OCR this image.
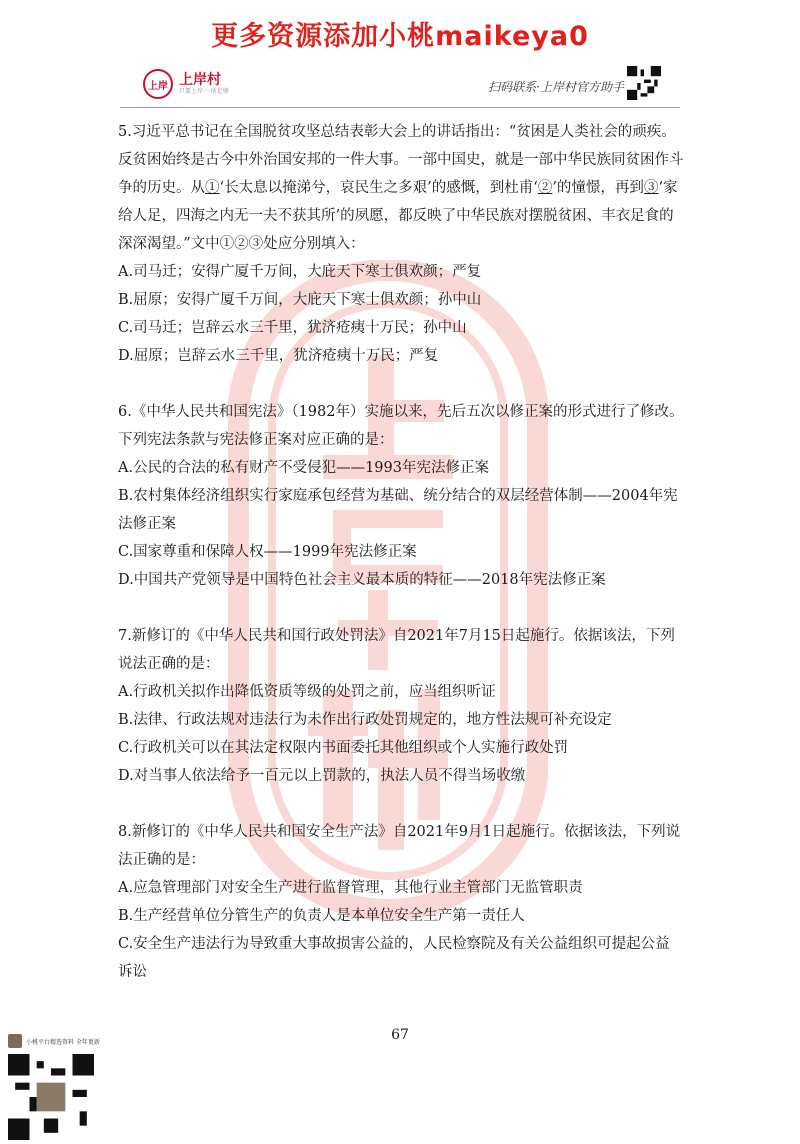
更多资源添加小桃maikeya0
上岸 上岸村
只要上岸·一所足够	扫码联系·上岸村官方助手

5.习近平总书记在全国脱贫攻坚总结表彰大会上的讲话指出：“贫困是人类社会的顽疾。反贫困始终是古今中外治国安邦的一件大事。一部中国史，就是一部中华民族同贫困作斗争的历史。从①‘长太息以掩涕兮，哀民生之多艰’的感慨，到杜甫‘②’的憧憬，再到③‘家给人足，四海之内无一夫不获其所’的夙愿，都反映了中华民族对摆脱贫困、丰衣足食的深深渴望。”文中①②③处应分别填入：

A.司马迁；安得广厦千万间，大庇天下寒士俱欢颜；严复

B.屈原；安得广厦千万间，大庇天下寒士俱欢颜；孙中山

C.司马迁；岂辞云水三千里，犹济疮痍十万民；孙中山

D.屈原；岂辞云水三千里，犹济疮痍十万民；严复

6.《中华人民共和国宪法》（1982年）实施以来，先后五次以修正案的形式进行了修改。下列宪法条款与宪法修正案对应正确的是：

A.公民的合法的私有财产不受侵犯——1993年宪法修正案

B.农村集体经济组织实行家庭承包经营为基础、统分结合的双层经营体制——2004年宪法修正案

C.国家尊重和保障人权——1999年宪法修正案

D.中国共产党领导是中国特色社会主义最本质的特征——2018年宪法修正案

7.新修订的《中华人民共和国行政处罚法》自2021年7月15日起施行。依据该法，下列说法正确的是：

A.行政机关拟作出降低资质等级的处罚之前，应当组织听证

B.法律、行政法规对违法行为未作出行政处罚规定的，地方性法规可补充设定

C.行政机关可以在其法定权限内书面委托其他组织或个人实施行政处罚

D.对当事人依法给予一百元以上罚款的，执法人员不得当场收缴

8.新修订的《中华人民共和国安全生产法》自2021年9月1日起施行。依据该法，下列说法正确的是：

A.应急管理部门对安全生产进行监督管理，其他行业主管部门无监管职责

B.生产经营单位分管生产的负责人是本单位安全生产第一责任人

C.安全生产违法行为导致重大事故损害公益的，人民检察院及有关公益组织可提起公益诉讼

67
小桃平台精选资料 全年更新
